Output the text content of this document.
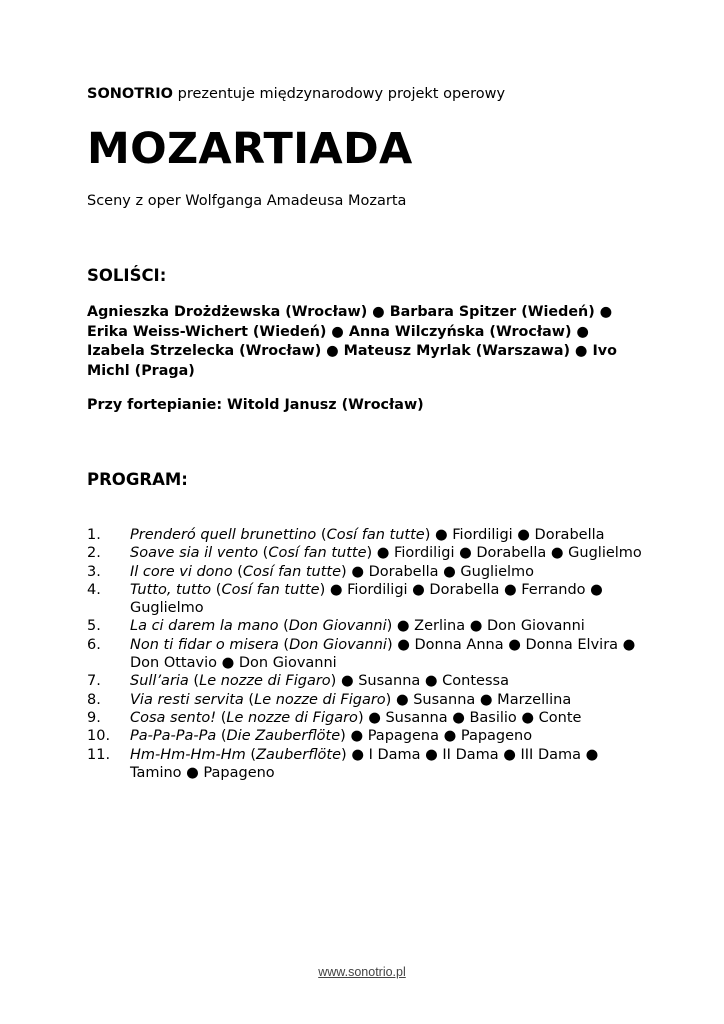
SONOTRIO prezentuje międzynarodowy projekt operowy
MOZARTIADA
Sceny z oper Wolfganga Amadeusa Mozarta
SOLIŚCI:
Agnieszka Drożdżewska (Wrocław) ● Barbara Spitzer (Wiedeń) ● Erika Weiss-Wichert (Wiedeń) ● Anna Wilczyńska (Wrocław) ● Izabela Strzelecka (Wrocław) ● Mateusz Myrlak (Warszawa) ● Ivo Michl (Praga)
Przy fortepianie: Witold Janusz (Wrocław)
PROGRAM:
1. Prenderó quell brunettino (Cosí fan tutte) ● Fiordiligi ● Dorabella
2. Soave sia il vento (Cosí fan tutte) ● Fiordiligi ● Dorabella ● Guglielmo
3. Il core vi dono (Cosí fan tutte) ● Dorabella ● Guglielmo
4. Tutto, tutto (Cosí fan tutte) ● Fiordiligi ● Dorabella ● Ferrando ● Guglielmo
5. La ci darem la mano (Don Giovanni) ● Zerlina ● Don Giovanni
6. Non ti fidar o misera (Don Giovanni) ● Donna Anna ● Donna Elvira ● Don Ottavio ● Don Giovanni
7. Sull’aria (Le nozze di Figaro) ● Susanna ● Contessa
8. Via resti servita (Le nozze di Figaro) ● Susanna ● Marzellina
9. Cosa sento! (Le nozze di Figaro) ● Susanna ● Basilio ● Conte
10. Pa-Pa-Pa-Pa (Die Zauberflöte) ● Papagena ● Papageno
11. Hm-Hm-Hm-Hm (Zauberflöte) ● I Dama ● II Dama ● III Dama ● Tamino ● Papageno
www.sonotrio.pl
